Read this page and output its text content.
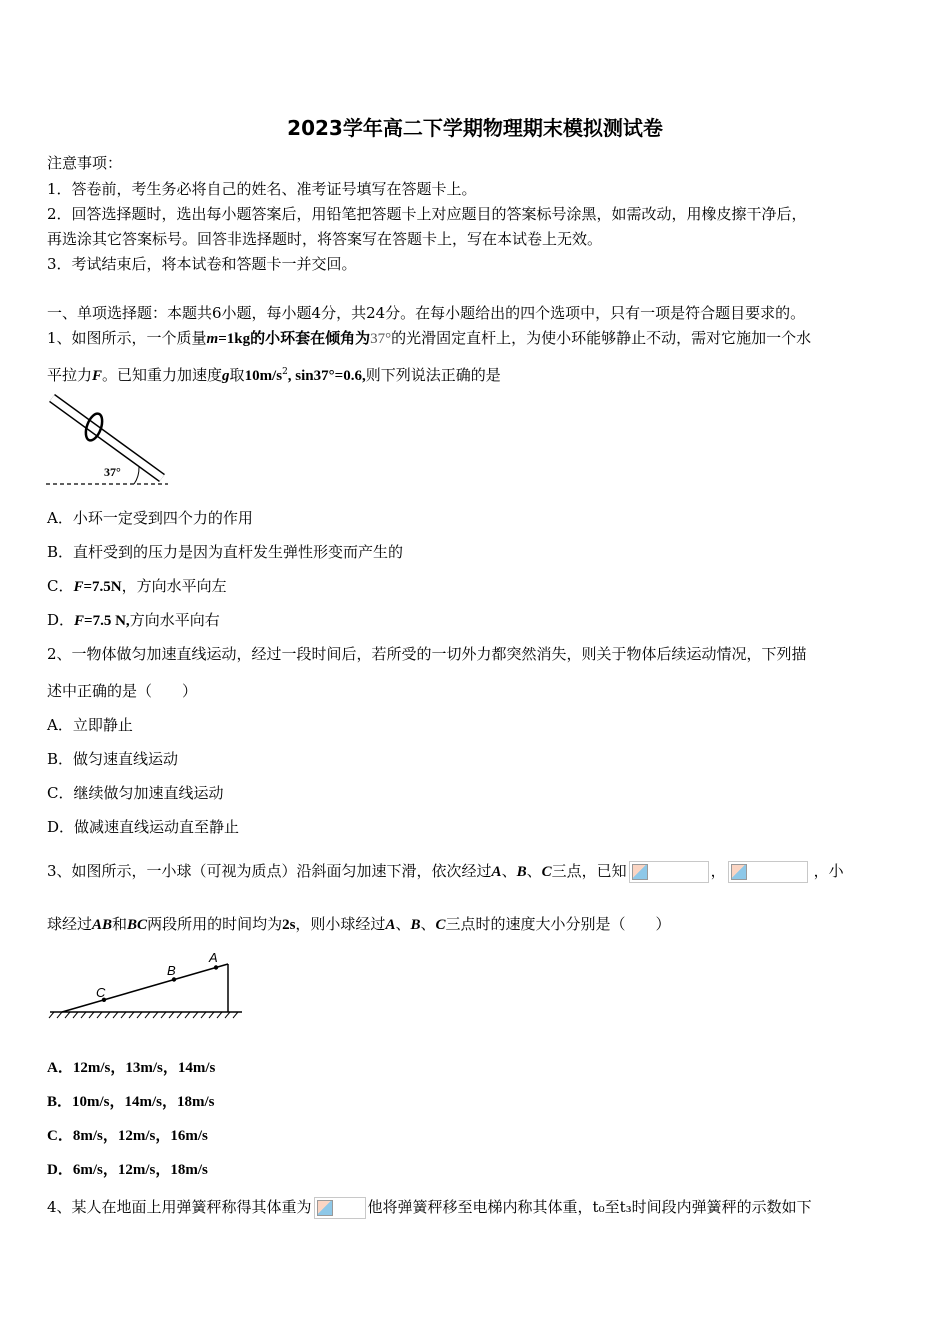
2023学年高二下学期物理期末模拟测试卷
注意事项：
1．答卷前，考生务必将自己的姓名、准考证号填写在答题卡上。
2．回答选择题时，选出每小题答案后，用铅笔把答题卡上对应题目的答案标号涂黑，如需改动，用橡皮擦干净后，
再选涂其它答案标号。回答非选择题时，将答案写在答题卡上，写在本试卷上无效。
3．考试结束后，将本试卷和答题卡一并交回。
一、单项选择题：本题共6小题，每小题4分，共24分。在每小题给出的四个选项中，只有一项是符合题目要求的。
1、如图所示，一个质量m=1kg的小环套在倾角为37°的光滑固定直杆上，为使小环能够静止不动，需对它施加一个水
平拉力F。已知重力加速度g取$10m/s^2$, sin37°=0.6,则下列说法正确的是
37°
A．小环一定受到四个力的作用
B．直杆受到的压力是因为直杆发生弹性形变而产生的
C．F=7.5N，方向水平向左
D．F=7.5 N,方向水平向右
2、一物体做匀加速直线运动，经过一段时间后，若所受的一切外力都突然消失，则关于物体后续运动情况，下列描
述中正确的是（　　）
A．立即静止
B．做匀速直线运动
C．继续做匀加速直线运动
D．做减速直线运动直至静止
3、如图所示，一小球（可视为质点）沿斜面匀加速下滑，依次经过A、B、C三点，已知	，	，小
球经过AB和BC两段所用的时间均为2s，则小球经过A、B、C三点时的速度大小分别是（　　）
A
B
C
A．12m/s，13m/s，14m/s
B．10m/s，14m/s，18m/s
C．8m/s，12m/s，16m/s
D．6m/s，12m/s，18m/s
4、某人在地面上用弹簧秤称得其体重为	他将弹簧秤移至电梯内称其体重，t₀至t₃时间段内弹簧秤的示数如下
